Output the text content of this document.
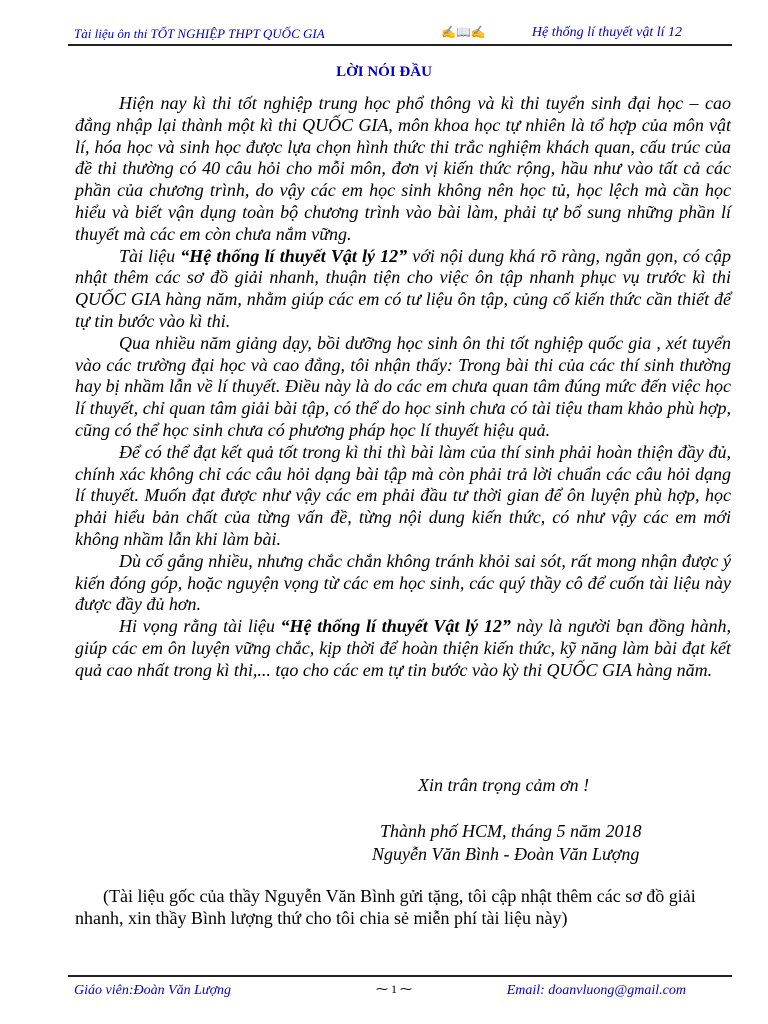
Tài liệu ôn thi TỐT NGHIỆP THPT QUỐC GIA	✍📖✍	Hệ thống lí thuyết vật lí 12
LỜI NÓI ĐẦU

Hiện nay kì thi tốt nghiệp trung học phổ thông và kì thi tuyển sinh đại học – cao đẳng nhập lại thành một kì thi QUỐC GIA, môn khoa học tự nhiên là tổ hợp của môn vật lí, hóa học và sinh học được lựa chọn hình thức thi trắc nghiệm khách quan, cấu trúc của đề thi thường có 40 câu hỏi cho mỗi môn, đơn vị kiến thức rộng, hầu như vào tất cả các phần của chương trình, do vậy các em học sinh không nên học tủ, học lệch mà cần học hiểu và biết vận dụng toàn bộ chương trình vào bài làm, phải tự bổ sung những phần lí thuyết mà các em còn chưa nắm vững.

Tài liệu “Hệ thống lí thuyết Vật lý 12” với nội dung khá rõ ràng, ngắn gọn, có cập nhật thêm các sơ đồ giải nhanh, thuận tiện cho việc ôn tập nhanh phục vụ trước kì thi QUỐC GIA hàng năm, nhằm giúp các em có tư liệu ôn tập, củng cố kiến thức cần thiết để tự tin bước vào kì thi.

Qua nhiều năm giảng dạy, bồi dưỡng học sinh ôn thi tốt nghiệp quốc gia , xét tuyển vào các trường đại học và cao đẳng, tôi nhận thấy: Trong bài thi của các thí sinh thường hay bị nhầm lẫn về lí thuyết. Điều này là do các em chưa quan tâm đúng mức đến việc học lí thuyết, chỉ quan tâm giải bài tập, có thể do học sinh chưa có tài tiệu tham khảo phù hợp, cũng có thể học sinh chưa có phương pháp học lí thuyết hiệu quả.

Để có thể đạt kết quả tốt trong kì thi thì bài làm của thí sinh phải hoàn thiện đầy đủ, chính xác không chỉ các câu hỏi dạng bài tập mà còn phải trả lời chuẩn các câu hỏi dạng lí thuyết. Muốn đạt được như vậy các em phải đầu tư thời gian để ôn luyện phù hợp, học phải hiểu bản chất của từng vấn đề, từng nội dung kiến thức, có như vậy các em mới không nhầm lẫn khi làm bài.

Dù cố gắng nhiều, nhưng chắc chắn không tránh khỏi sai sót, rất mong nhận được ý kiến đóng góp, hoặc nguyện vọng từ các em học sinh, các quý thầy cô để cuốn tài liệu này được đầy đủ hơn.

Hi vọng rằng tài liệu “Hệ thống lí thuyết Vật lý 12” này là người bạn đồng hành, giúp các em ôn luyện vững chắc, kịp thời để hoàn thiện kiến thức, kỹ năng làm bài đạt kết quả cao nhất trong kì thi,... tạo cho các em tự tin bước vào kỳ thi QUỐC GIA hàng năm.

Xin trân trọng cảm ơn !
Thành phố HCM, tháng 5 năm 2018
Nguyễn Văn Bình - Đoàn Văn Lượng
(Tài liệu gốc của thầy Nguyễn Văn Bình gửi tặng, tôi cập nhật thêm các sơ đồ giải nhanh, xin thầy Bình lượng thứ cho tôi chia sẻ miễn phí tài liệu này)
Giáo viên:Đoàn Văn Lượng	⁓ 1 ⁓	Email: doanvluong@gmail.com
